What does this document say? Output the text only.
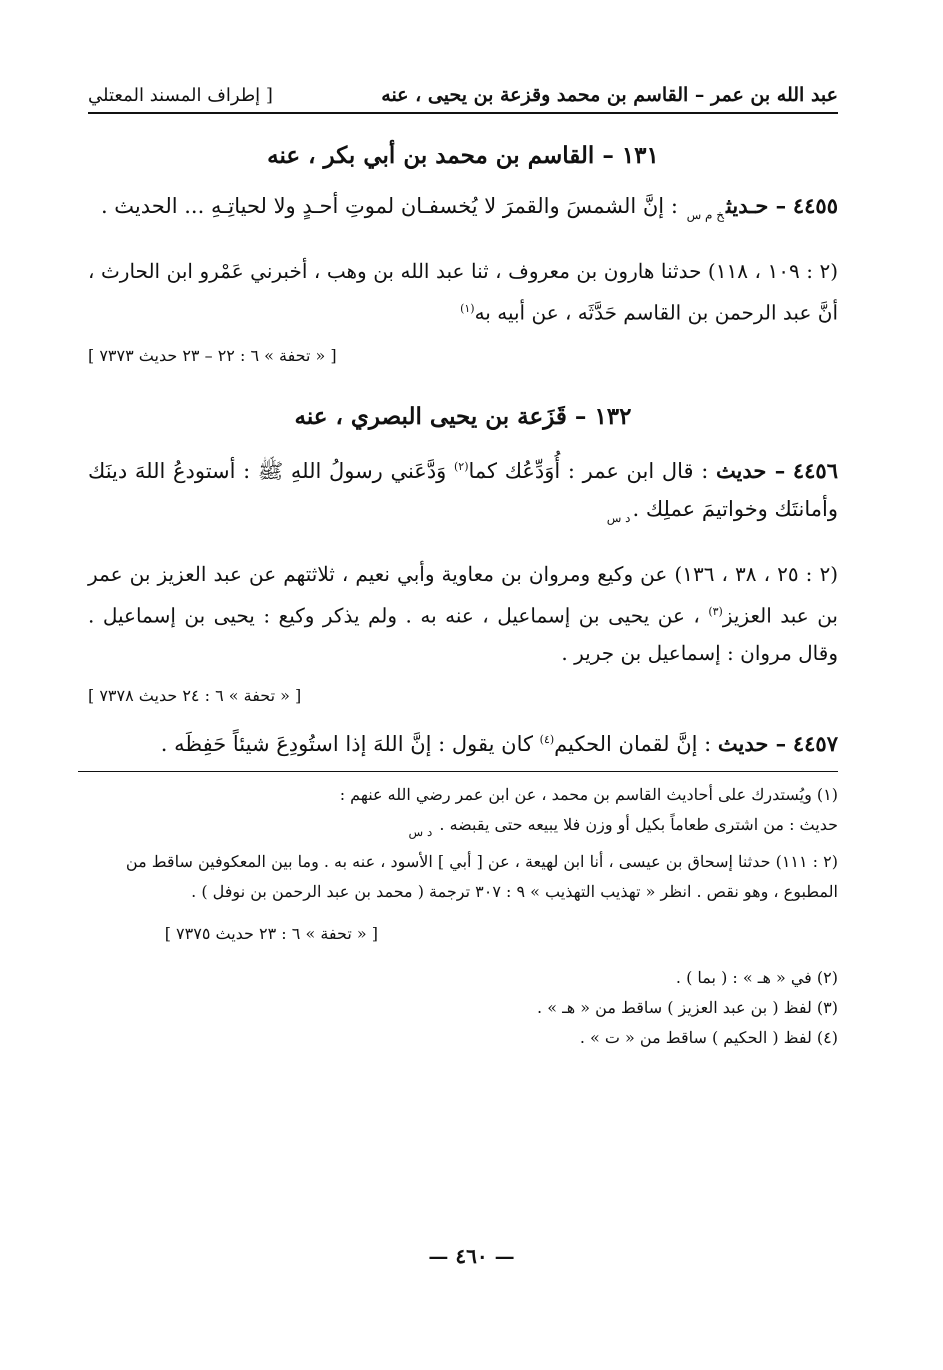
عبد الله بن عمر – القاسم بن محمد وقزعة بن يحيى ، عنه
[ إطراف المسند المعتلي
١٣١ – القاسم بن محمد بن أبي بكر ، عنه
٤٤٥٥ – حـديث$_{خ م س}$ : إنَّ الشمسَ والقمرَ لا يُخسفـان لموتِ أحـدٍ ولا لحياتِـهِ ... الحديث .
(٢ : ١٠٩ ، ١١٨) حدثنا هارون بن معروف ، ثنا عبد الله بن وهب ، أخبرني عَمْرو ابن الحارث ، أنَّ عبد الرحمن بن القاسم حَدَّثَه ، عن أبيه به$^{(١)}$
[ « تحفة » ٦ : ٢٢ – ٢٣ حديث ٧٣٧٣ ]
١٣٢ – قَزَعة بن يحيى البصري ، عنه
٤٤٥٦ – حديث : قال ابن عمر : أُوَدِّعُك كما$^{(٢)}$ وَدَّعَني رسولُ اللهِ ﷺ : أستودعُ اللهَ دينَك وأمانتَك وخواتيمَ عملِك $._{د س}$
(٢ : ٢٥ ، ٣٨ ، ١٣٦) عن وكيع ومروان بن معاوية وأبي نعيم ، ثلاثتهم عن عبد العزيز بن عمر بن عبد العزيز$^{(٣)}$ ، عن يحيى بن إسماعيل ، عنه به . ولم يذكر وكيع : يحيى بن إسماعيل . وقال مروان : إسماعيل بن جرير .
[ « تحفة » ٦ : ٢٤ حديث ٧٣٧٨ ]
٤٤٥٧ – حديث : إنَّ لقمان الحكيم$^{(٤)}$ كان يقول : إنَّ اللهَ إذا استُودِعَ شيئاً حَفِظَه .

(١) ويُستدرك على أحاديث القاسم بن محمد ، عن ابن عمر رضي الله عنهم :

حديث : من اشترى طعاماً بكيل أو وزن فلا يبيعه حتى يقبضه . $_{د س}$

(٢ : ١١١) حدثنا إسحاق بن عيسى ، أنا ابن لهيعة ، عن [ أبي ] الأسود ، عنه به . وما بين المعكوفين ساقط من المطبوع ، وهو نقص . انظر « تهذيب التهذيب » ٩ : ٣٠٧ ترجمة ( محمد بن عبد الرحمن بن نوفل ) .

[ « تحفة » ٦ : ٢٣ حديث ٧٣٧٥ ]

(٢) في « هـ » : ( بما ) .

(٣) لفظ ( بن عبد العزيز ) ساقط من « هـ » .

(٤) لفظ ( الحكيم ) ساقط من « ت » .

— ٤٦٠ —
